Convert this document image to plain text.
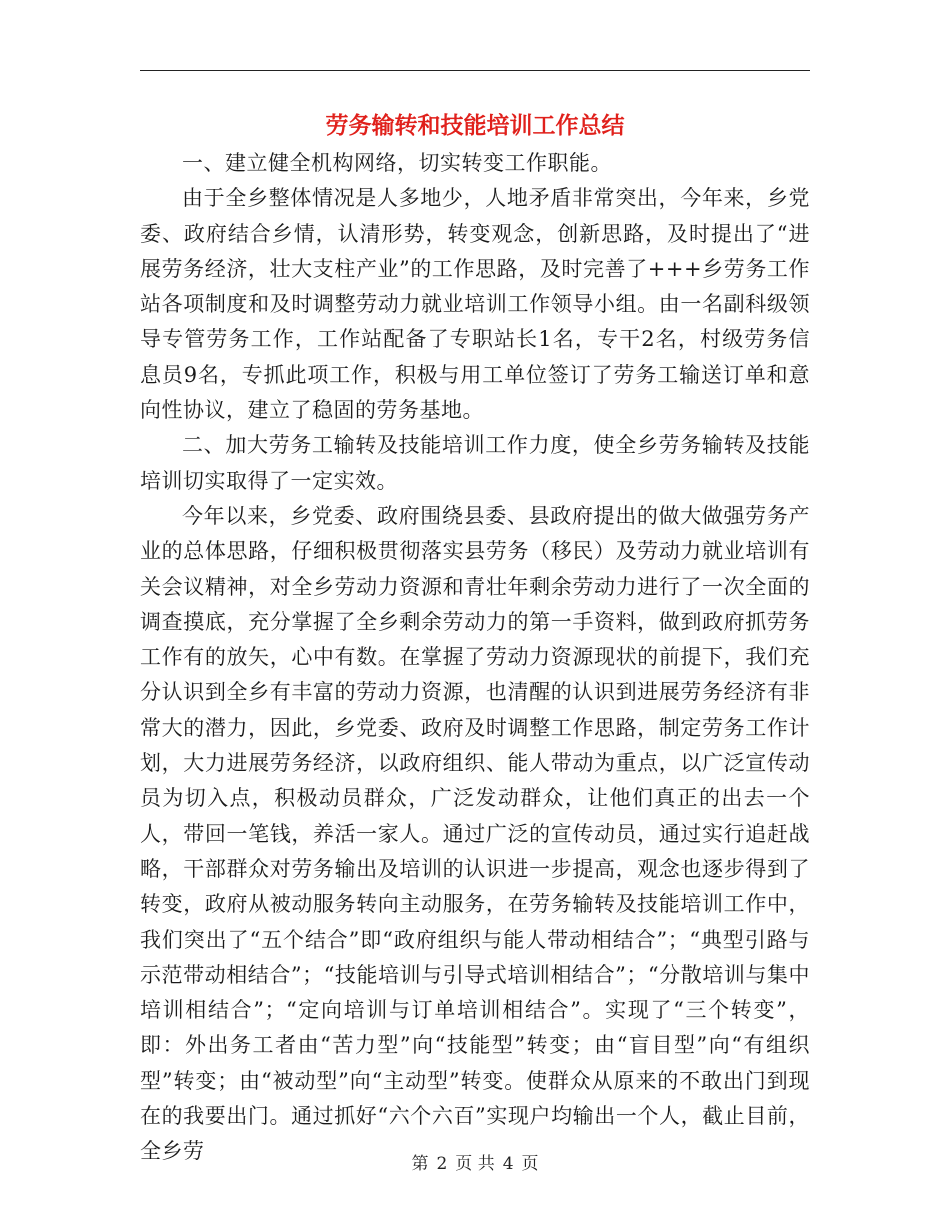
劳务输转和技能培训工作总结

一、建立健全机构网络，切实转变工作职能。

由于全乡整体情况是人多地少，人地矛盾非常突出，今年来，乡党委、政府结合乡情，认清形势，转变观念，创新思路，及时提出了“进展劳务经济，壮大支柱产业”的工作思路，及时完善了+++乡劳务工作站各项制度和及时调整劳动力就业培训工作领导小组。由一名副科级领导专管劳务工作，工作站配备了专职站长1名，专干2名，村级劳务信息员9名，专抓此项工作，积极与用工单位签订了劳务工输送订单和意向性协议，建立了稳固的劳务基地。

二、加大劳务工输转及技能培训工作力度，使全乡劳务输转及技能培训切实取得了一定实效。

今年以来，乡党委、政府围绕县委、县政府提出的做大做强劳务产业的总体思路，仔细积极贯彻落实县劳务（移民）及劳动力就业培训有关会议精神，对全乡劳动力资源和青壮年剩余劳动力进行了一次全面的调查摸底，充分掌握了全乡剩余劳动力的第一手资料，做到政府抓劳务工作有的放矢，心中有数。在掌握了劳动力资源现状的前提下，我们充分认识到全乡有丰富的劳动力资源，也清醒的认识到进展劳务经济有非常大的潜力，因此，乡党委、政府及时调整工作思路，制定劳务工作计划，大力进展劳务经济，以政府组织、能人带动为重点，以广泛宣传动员为切入点，积极动员群众，广泛发动群众，让他们真正的出去一个人，带回一笔钱，养活一家人。通过广泛的宣传动员，通过实行追赶战略，干部群众对劳务输出及培训的认识进一步提高，观念也逐步得到了转变，政府从被动服务转向主动服务，在劳务输转及技能培训工作中，我们突出了“五个结合”即“政府组织与能人带动相结合”；“典型引路与示范带动相结合”；“技能培训与引导式培训相结合”；“分散培训与集中培训相结合”；“定向培训与订单培训相结合”。实现了“三个转变”，即：外出务工者由“苦力型”向“技能型”转变；由“盲目型”向“有组织型”转变；由“被动型”向“主动型”转变。使群众从原来的不敢出门到现在的我要出门。通过抓好“六个六百”实现户均输出一个人，截止目前，全乡劳

第 2 页 共 4 页
